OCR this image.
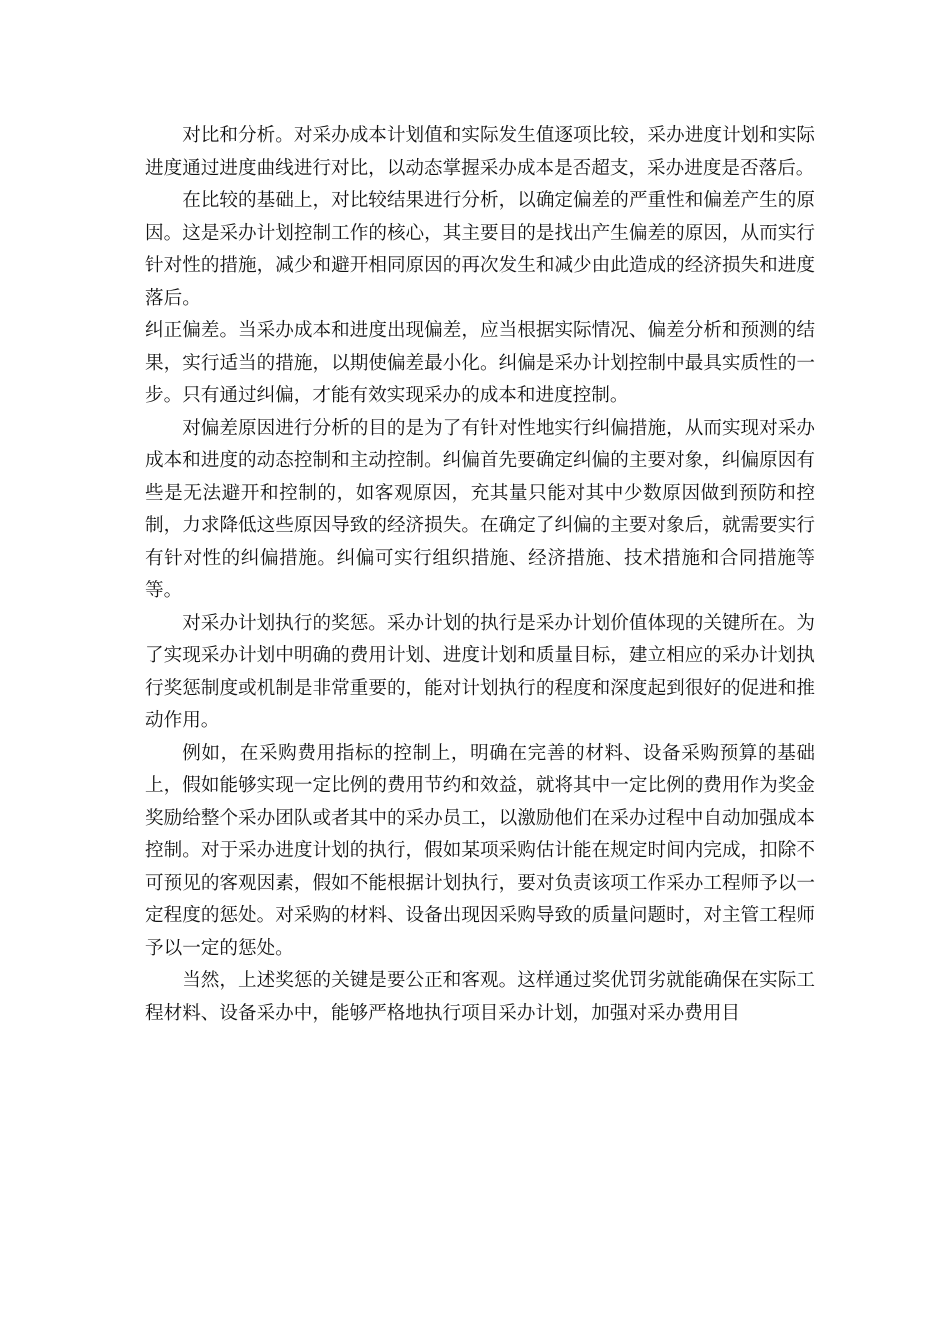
对比和分析。对采办成本计划值和实际发生值逐项比较，采办进度计划和实际进度通过进度曲线进行对比，以动态掌握采办成本是否超支，采办进度是否落后。

在比较的基础上，对比较结果进行分析，以确定偏差的严重性和偏差产生的原因。这是采办计划控制工作的核心，其主要目的是找出产生偏差的原因，从而实行针对性的措施，减少和避开相同原因的再次发生和减少由此造成的经济损失和进度落后。

纠正偏差。当采办成本和进度出现偏差，应当根据实际情况、偏差分析和预测的结果，实行适当的措施，以期使偏差最小化。纠偏是采办计划控制中最具实质性的一步。只有通过纠偏，才能有效实现采办的成本和进度控制。

对偏差原因进行分析的目的是为了有针对性地实行纠偏措施，从而实现对采办成本和进度的动态控制和主动控制。纠偏首先要确定纠偏的主要对象，纠偏原因有些是无法避开和控制的，如客观原因，充其量只能对其中少数原因做到预防和控制，力求降低这些原因导致的经济损失。在确定了纠偏的主要对象后，就需要实行有针对性的纠偏措施。纠偏可实行组织措施、经济措施、技术措施和合同措施等等。

对采办计划执行的奖惩。采办计划的执行是采办计划价值体现的关键所在。为了实现采办计划中明确的费用计划、进度计划和质量目标，建立相应的采办计划执行奖惩制度或机制是非常重要的，能对计划执行的程度和深度起到很好的促进和推动作用。

例如，在采购费用指标的控制上，明确在完善的材料、设备采购预算的基础上，假如能够实现一定比例的费用节约和效益，就将其中一定比例的费用作为奖金奖励给整个采办团队或者其中的采办员工，以激励他们在采办过程中自动加强成本控制。对于采办进度计划的执行，假如某项采购估计能在规定时间内完成，扣除不可预见的客观因素，假如不能根据计划执行，要对负责该项工作采办工程师予以一定程度的惩处。对采购的材料、设备出现因采购导致的质量问题时，对主管工程师予以一定的惩处。

当然，上述奖惩的关键是要公正和客观。这样通过奖优罚劣就能确保在实际工程材料、设备采办中，能够严格地执行项目采办计划，加强对采办费用目
